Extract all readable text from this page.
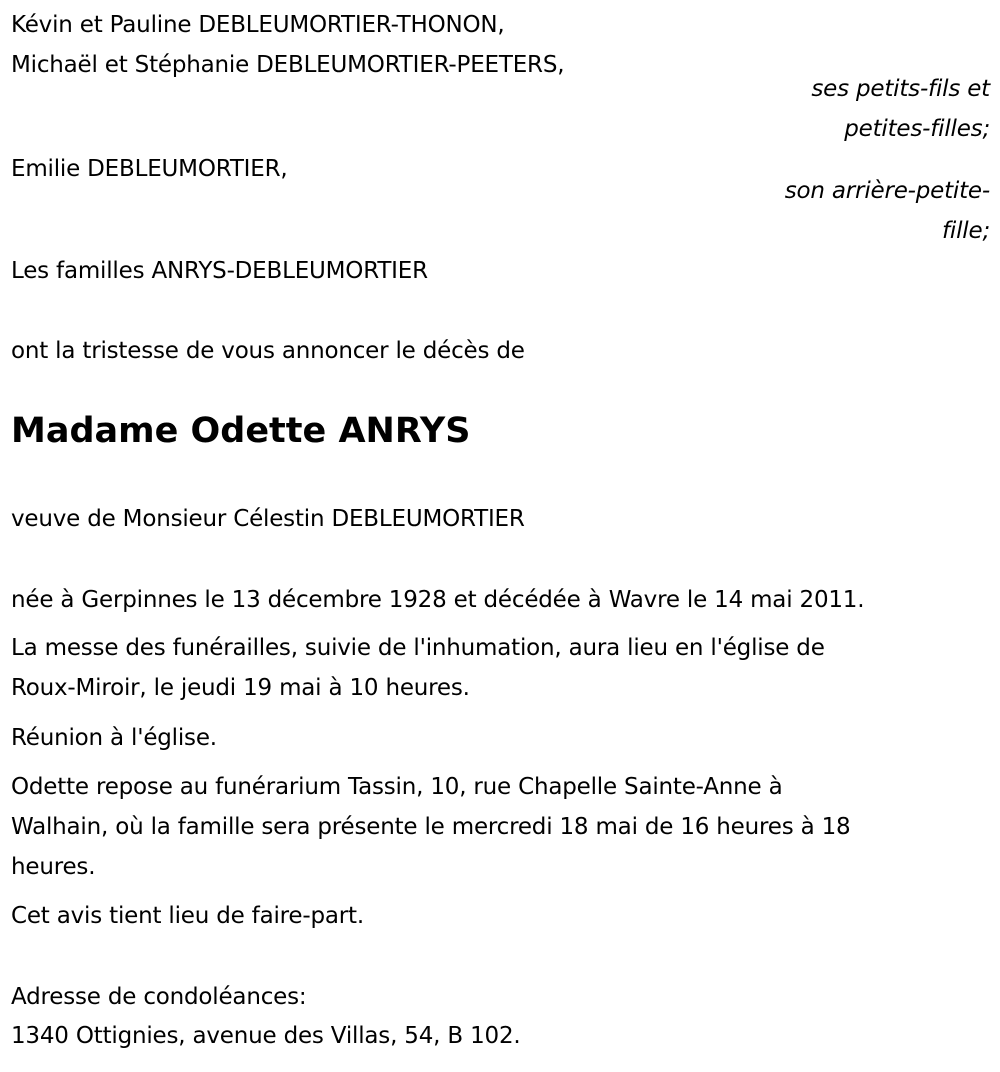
Kévin et Pauline DEBLEUMORTIER-THONON,
Michaël et Stéphanie DEBLEUMORTIER-PEETERS,
ses petits-fils et
petites-filles;
Emilie DEBLEUMORTIER,
son arrière-petite-
fille;
Les familles ANRYS-DEBLEUMORTIER
ont la tristesse de vous annoncer le décès de
Madame Odette ANRYS
veuve de Monsieur Célestin DEBLEUMORTIER
née à Gerpinnes le 13 décembre 1928 et décédée à Wavre le 14 mai 2011.
La messe des funérailles, suivie de l'inhumation, aura lieu en l'église de
Roux-Miroir, le jeudi 19 mai à 10 heures.
Réunion à l'église.
Odette repose au funérarium Tassin, 10, rue Chapelle Sainte-Anne à
Walhain, où la famille sera présente le mercredi 18 mai de 16 heures à 18
heures.
Cet avis tient lieu de faire-part.
Adresse de condoléances:
1340 Ottignies, avenue des Villas, 54, B 102.
